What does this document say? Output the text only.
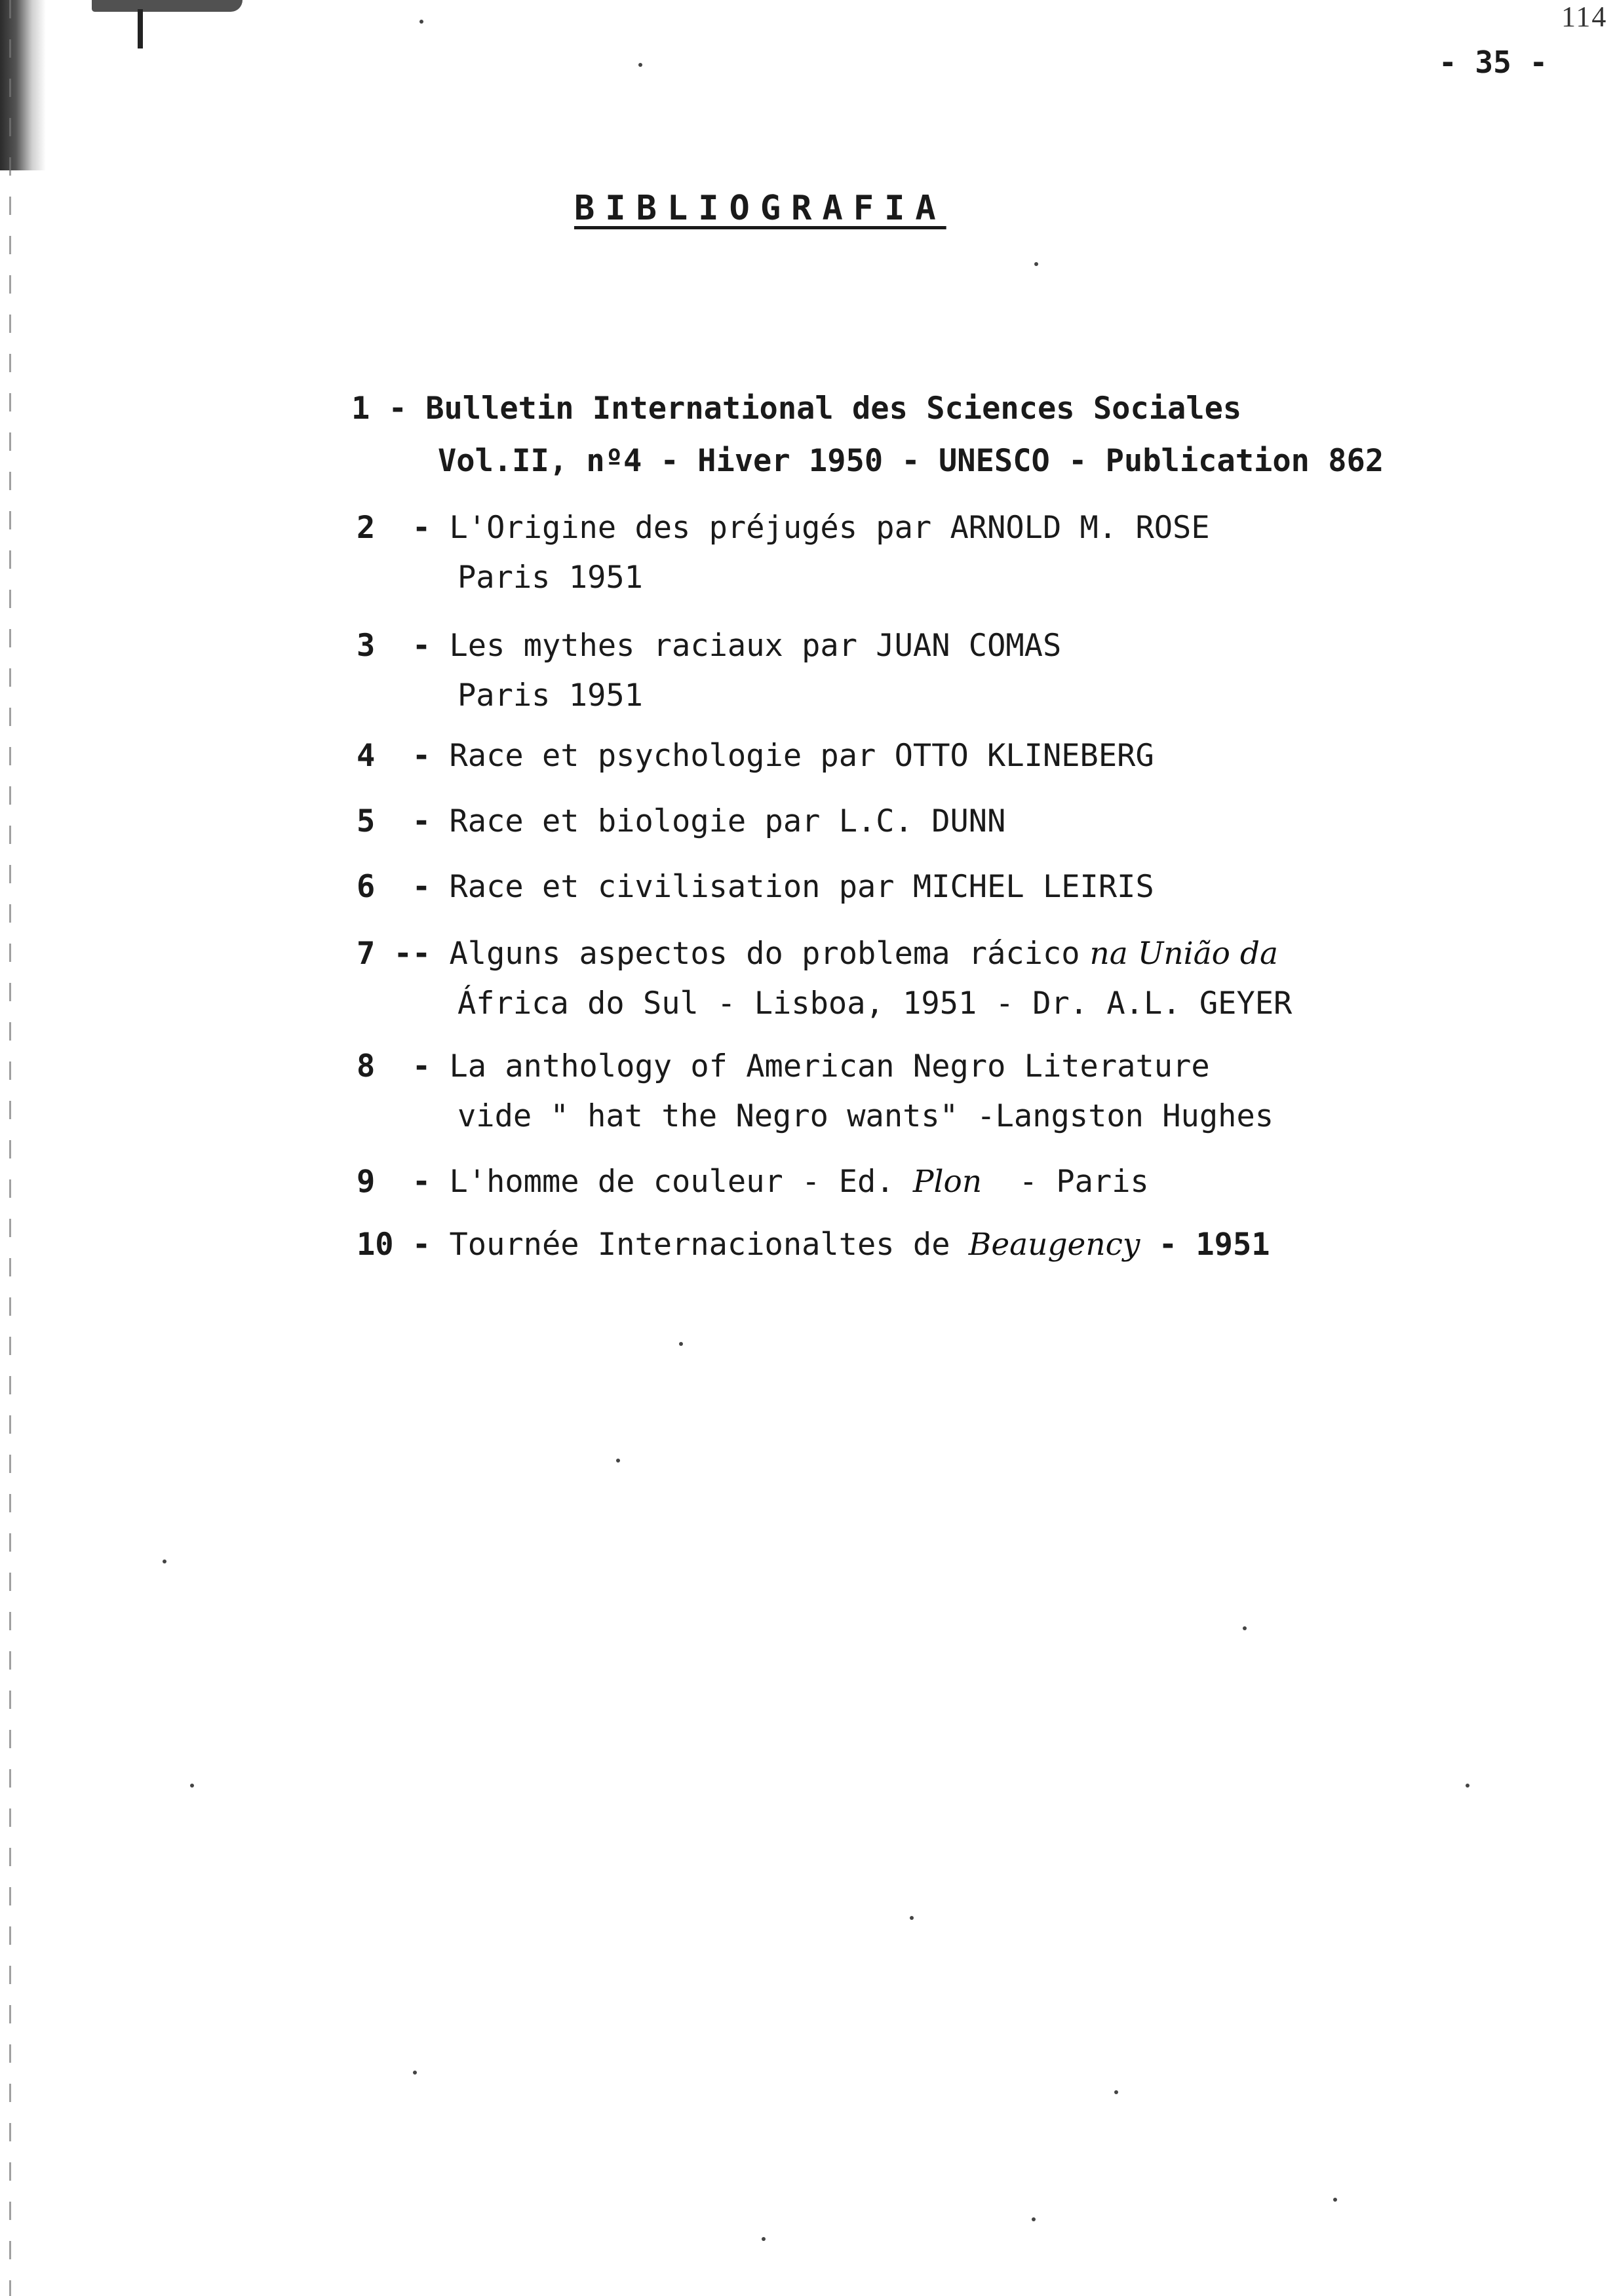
114
- 35 -
BIBLIOGRAFIA

1 - Bulletin International des Sciences Sociales

Vol.II, nº4 - Hiver 1950 - UNESCO - Publication 862

2  - L'Origine des préjugés par ARNOLD M. ROSE

Paris 1951

3  - Les mythes raciaux par JUAN COMAS

Paris 1951

4  - Race et psychologie par OTTO KLINEBERG

5  - Race et biologie par L.C. DUNN

6  - Race et civilisation par MICHEL LEIRIS

7 -- Alguns aspectos do problema rácico na União da

África do Sul - Lisboa, 1951 - Dr. A.L. GEYER

8  - La anthology of American Negro Literature

vide " hat the Negro wants" -Langston Hughes

9  - L'homme de couleur - Ed. Plon  - Paris

10 - Tournée Internacionaltes de Beaugency - 1951
